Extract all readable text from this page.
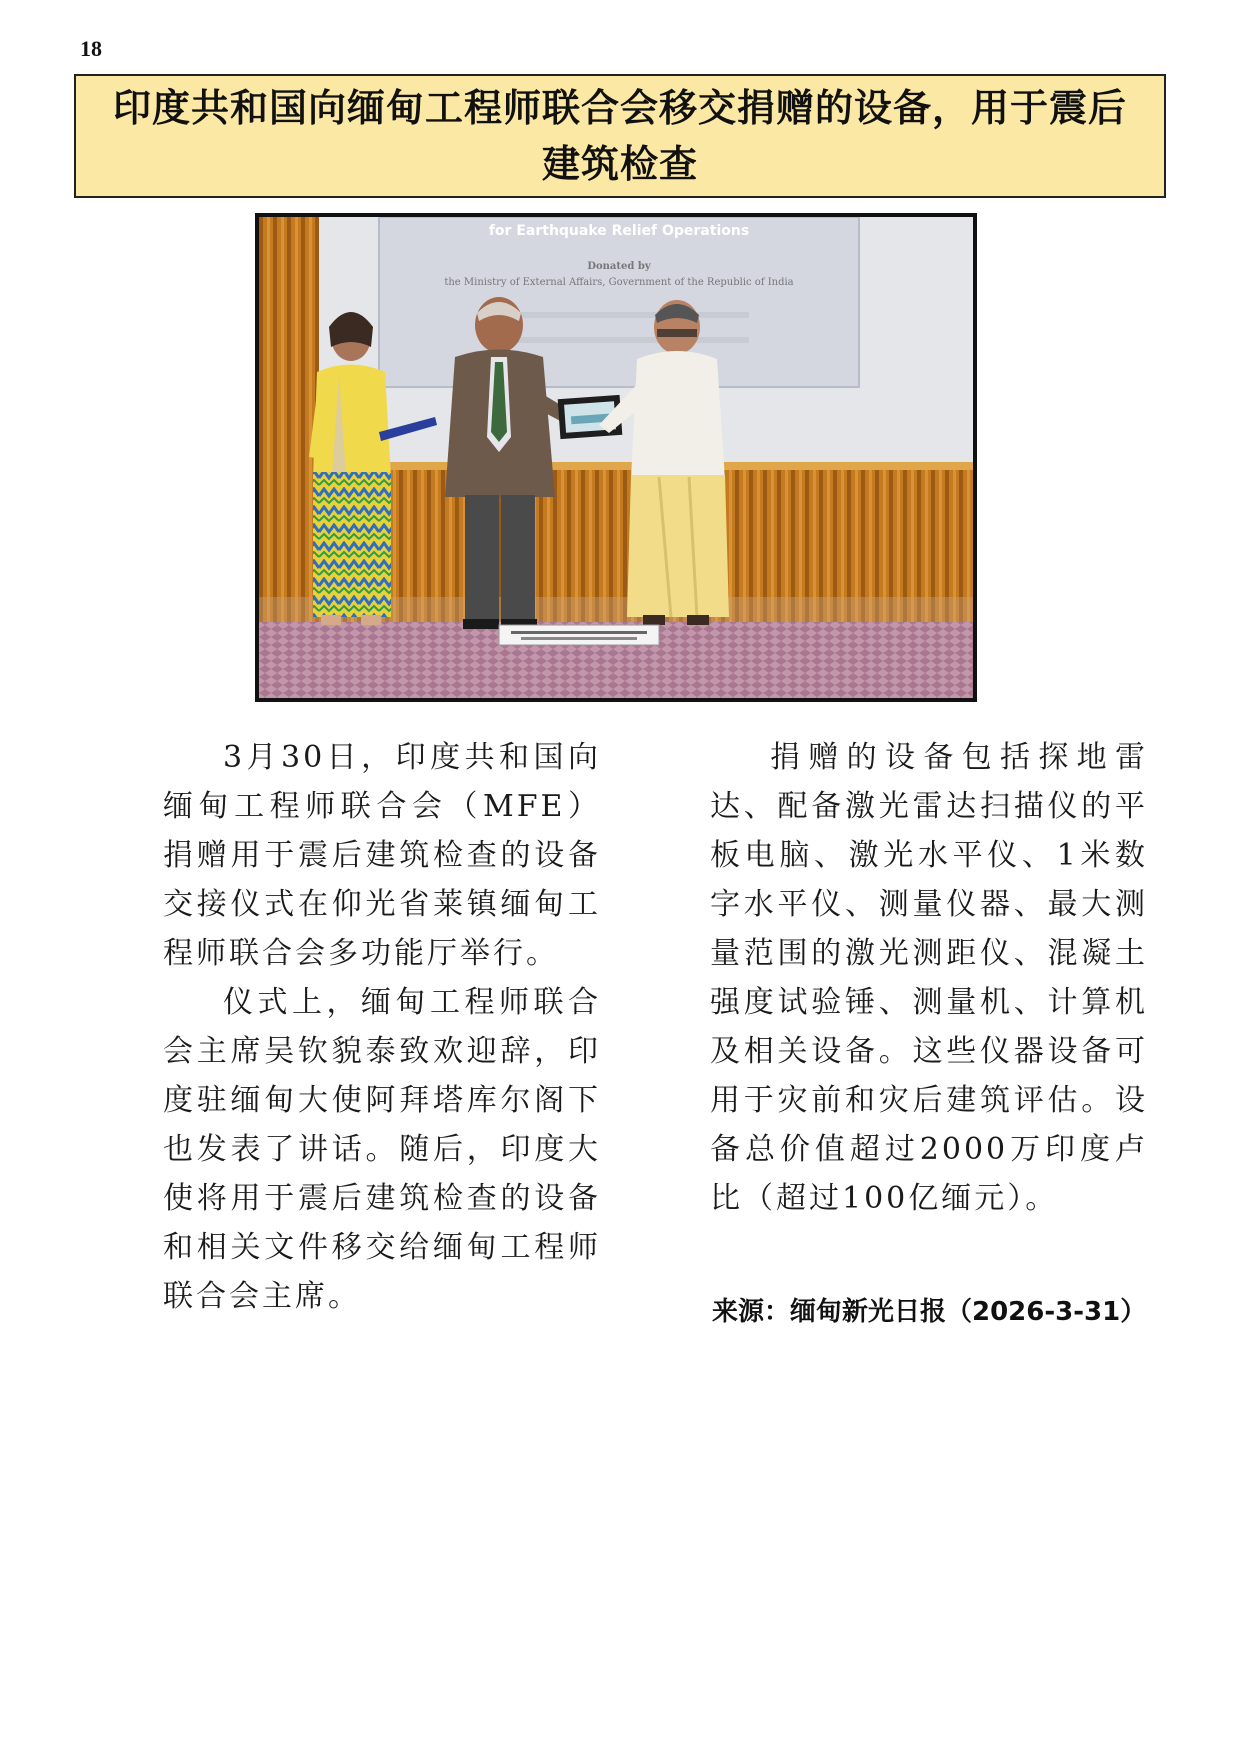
18
印度共和国向缅甸工程师联合会移交捐赠的设备，用于震后建筑检查
for Earthquake Relief Operations
Donated by
the Ministry of External Affairs, Government of the Republic of India

3月30日，印度共和国向缅甸工程师联合会（MFE）捐赠用于震后建筑检查的设备交接仪式在仰光省莱镇缅甸工程师联合会多功能厅举行。

仪式上，缅甸工程师联合会主席吴钦貌泰致欢迎辞，印度驻缅甸大使阿拜塔库尔阁下也发表了讲话。随后，印度大使将用于震后建筑检查的设备和相关文件移交给缅甸工程师联合会主席。

捐赠的设备包括探地雷达、配备激光雷达扫描仪的平板电脑、激光水平仪、1米数字水平仪、测量仪器、最大测量范围的激光测距仪、混凝土强度试验锤、测量机、计算机及相关设备。这些仪器设备可用于灾前和灾后建筑评估。设备总价值超过2000万印度卢比（超过100亿缅元）。

来源：缅甸新光日报（2026-3-31）
